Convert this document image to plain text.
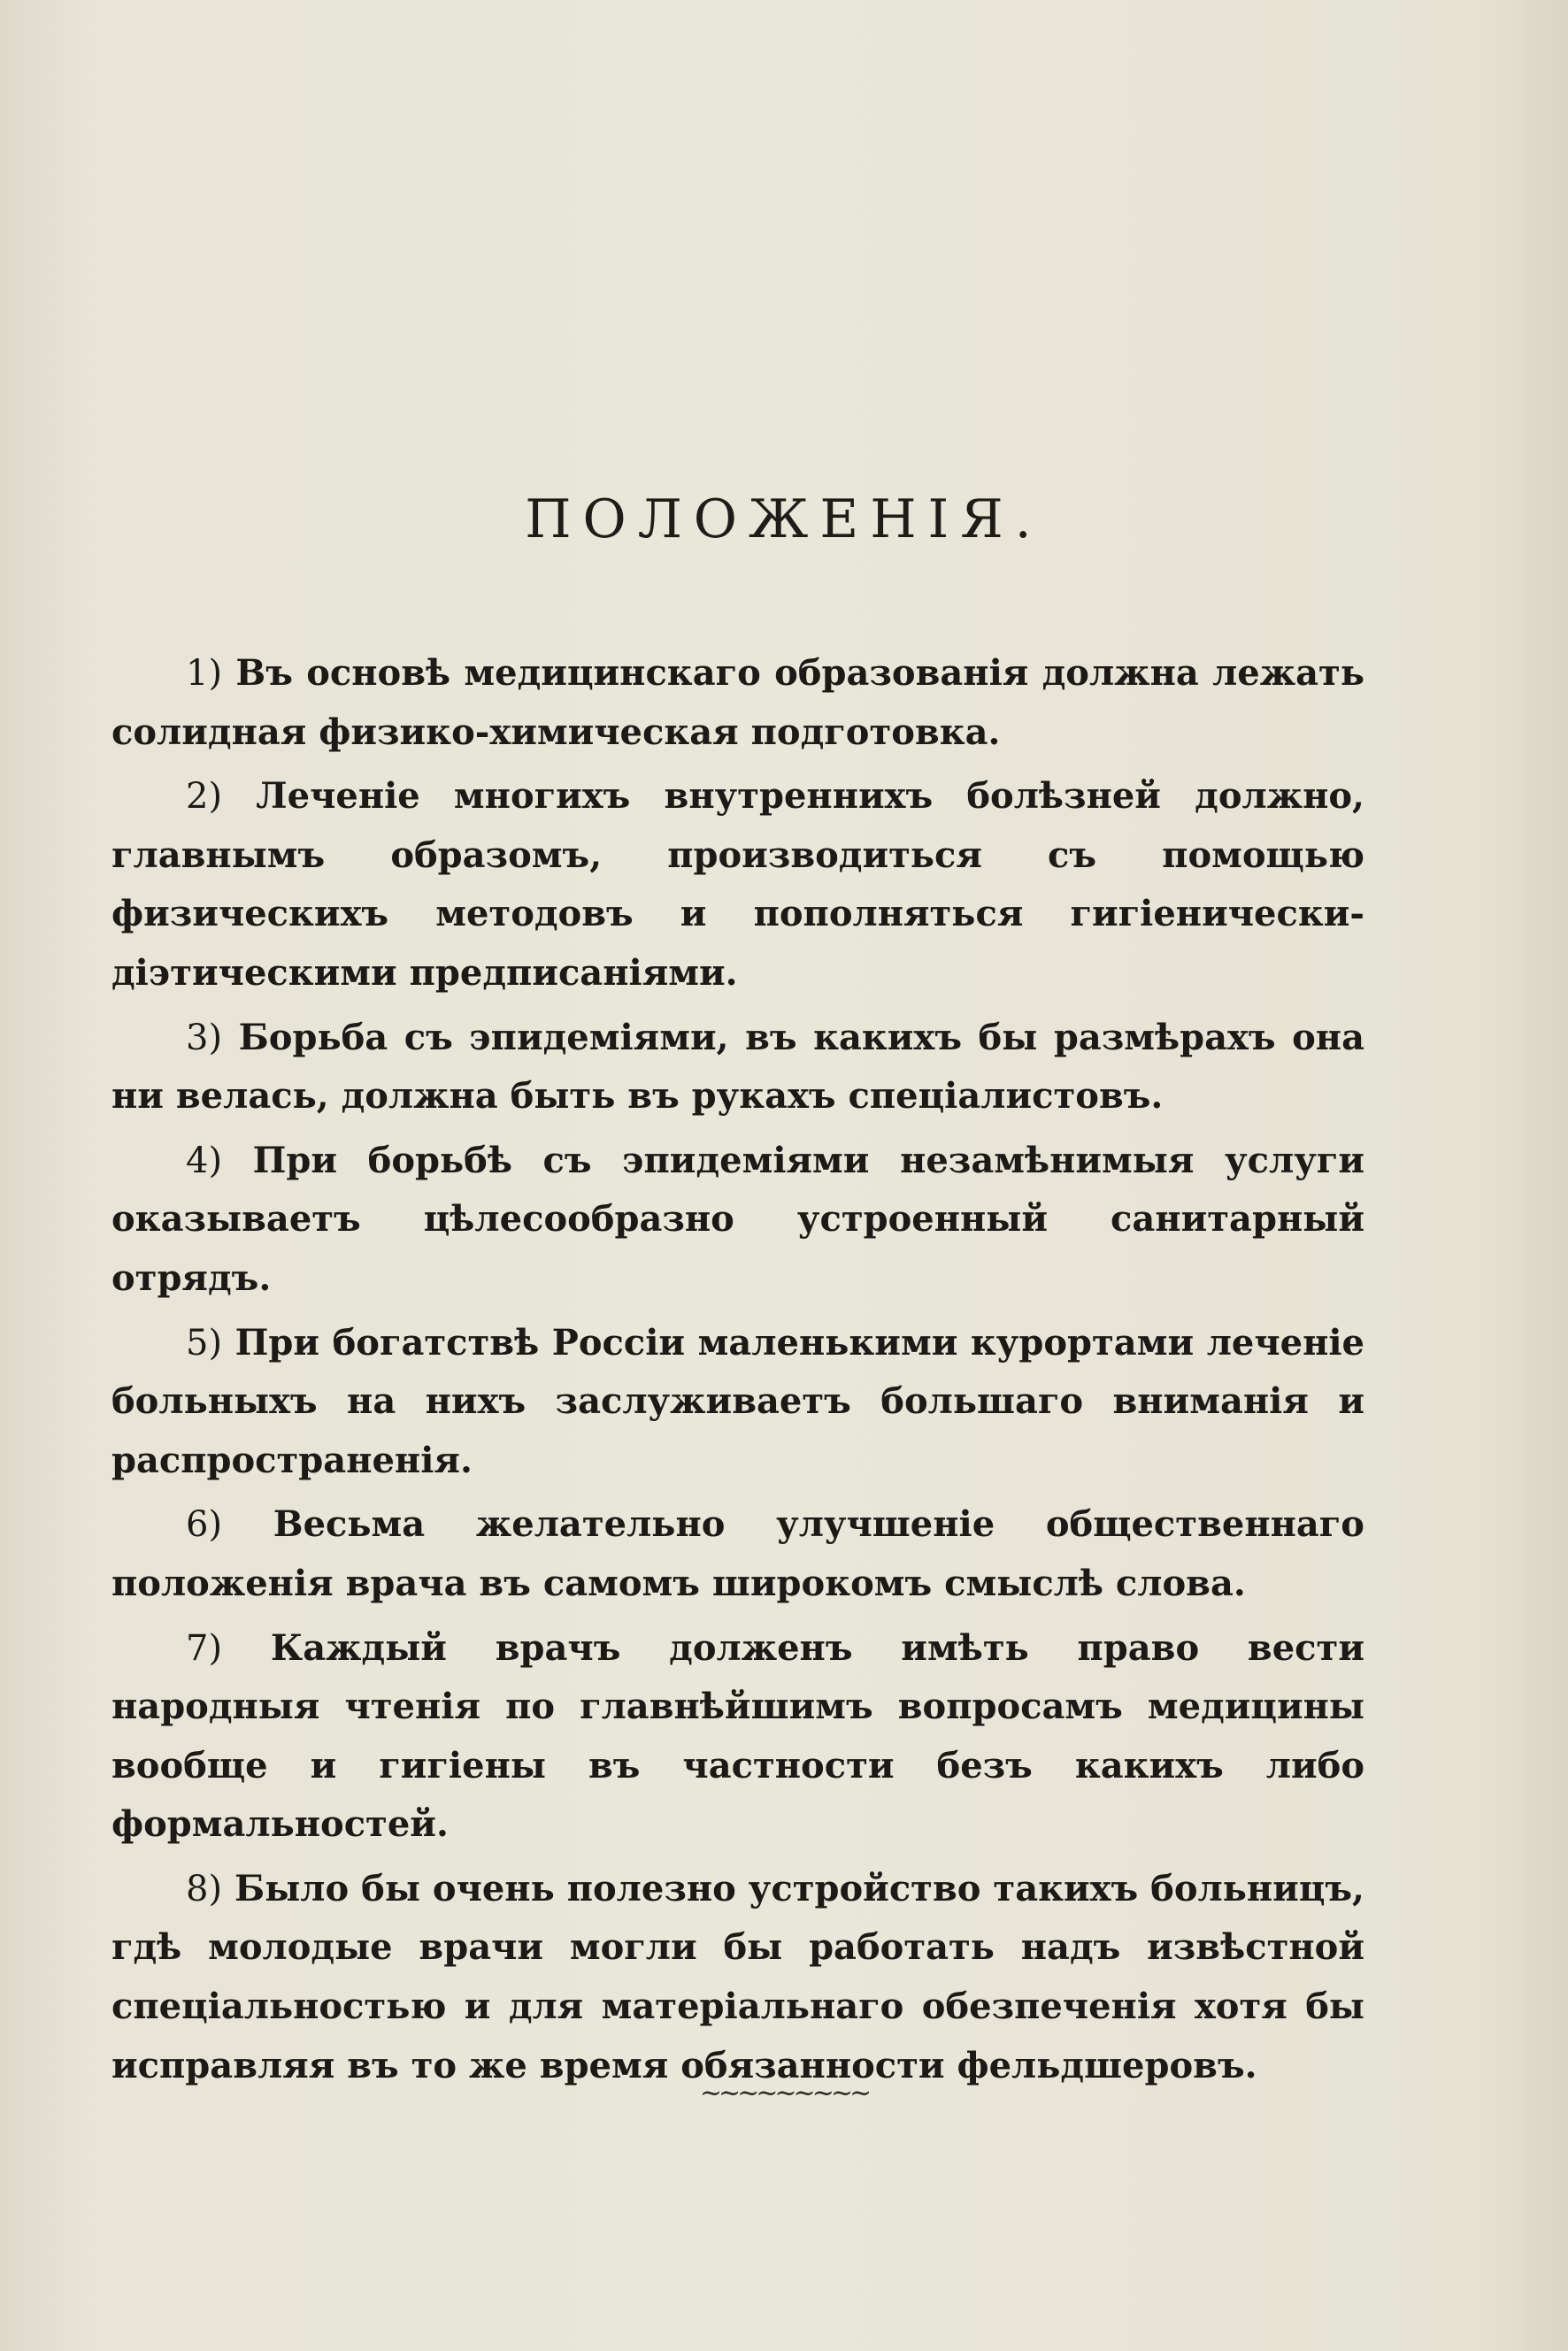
ПОЛОЖЕНІЯ.

1) Въ основѣ медицинскаго образованія должна лежать солидная физико-химическая подготовка.

2) Леченіе многихъ внутреннихъ болѣзней должно, главнымъ образомъ, производиться съ помощью физическихъ методовъ и пополняться гигіенически-діэтическими предписаніями.

3) Борьба съ эпидеміями, въ какихъ бы размѣрахъ она ни велась, должна быть въ рукахъ спеціалистовъ.

4) При борьбѣ съ эпидеміями незамѣнимыя услуги оказываетъ цѣлесообразно устроенный санитарный отрядъ.

5) При богатствѣ Россіи маленькими курортами леченіе больныхъ на нихъ заслуживаетъ большаго вниманія и распространенія.

6) Весьма желательно улучшеніе общественнаго положенія врача въ самомъ широкомъ смыслѣ слова.

7) Каждый врачъ долженъ имѣть право вести народныя чтенія по главнѣйшимъ вопросамъ медицины вообще и гигіены въ частности безъ какихъ либо формальностей.

8) Было бы очень полезно устройство такихъ больницъ, гдѣ молодые врачи могли бы работать надъ извѣстной спеціальностью и для матеріальнаго обезпеченія хотя бы исправляя въ то же время обязанности фельдшеровъ.

~~~~~~~~~
